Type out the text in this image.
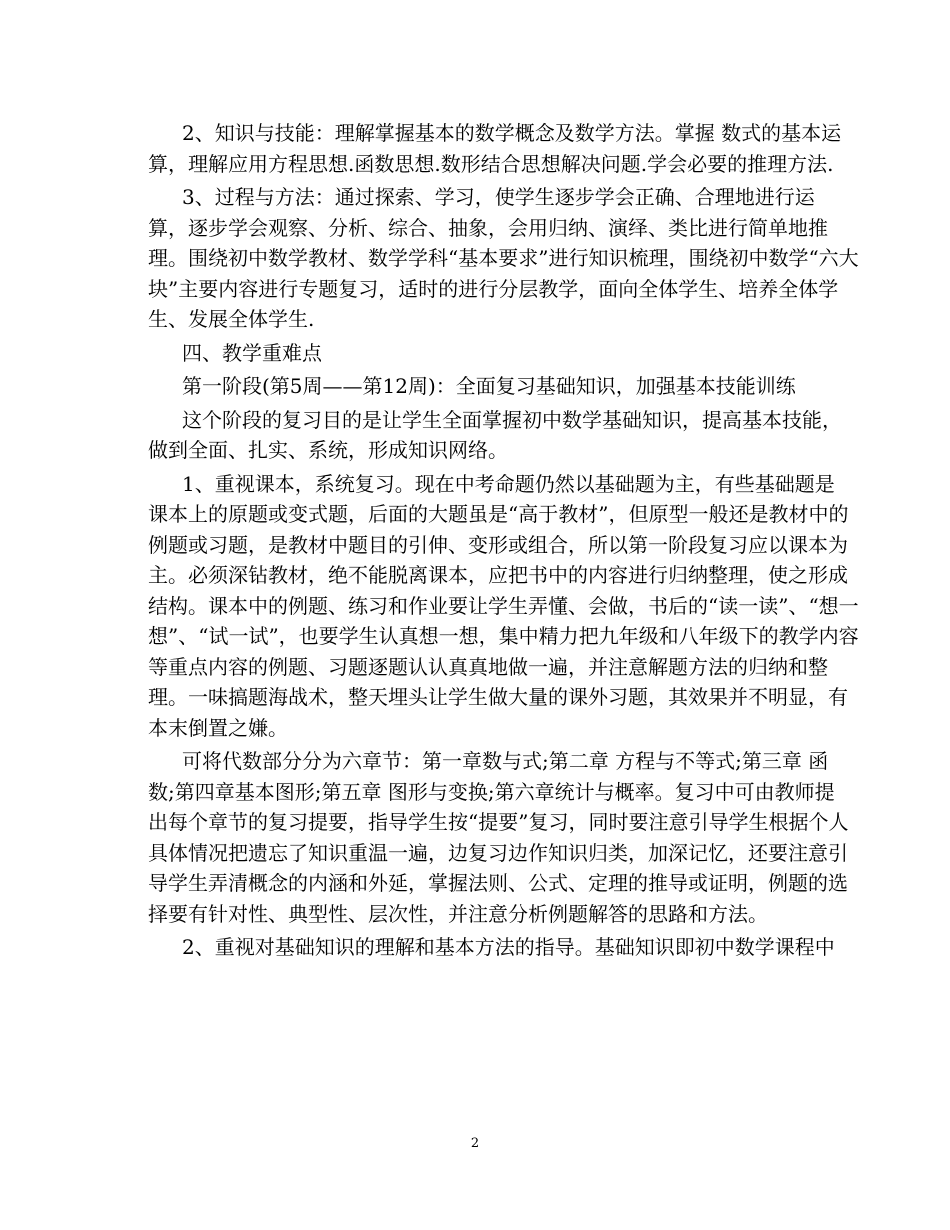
2、知识与技能：理解掌握基本的数学概念及数学方法。掌握 数式的基本运
算，理解应用方程思想.函数思想.数形结合思想解决问题.学会必要的推理方法.
3、过程与方法：通过探索、学习，使学生逐步学会正确、合理地进行运
算，逐步学会观察、分析、综合、抽象，会用归纳、演绎、类比进行简单地推
理。围绕初中数学教材、数学学科“基本要求”进行知识梳理，围绕初中数学“六大
块”主要内容进行专题复习，适时的进行分层教学，面向全体学生、培养全体学
生、发展全体学生.
四、教学重难点
第一阶段(第5周——第12周)：全面复习基础知识，加强基本技能训练
这个阶段的复习目的是让学生全面掌握初中数学基础知识，提高基本技能，
做到全面、扎实、系统，形成知识网络。
1、重视课本，系统复习。现在中考命题仍然以基础题为主，有些基础题是
课本上的原题或变式题，后面的大题虽是“高于教材”，但原型一般还是教材中的
例题或习题，是教材中题目的引伸、变形或组合，所以第一阶段复习应以课本为
主。必须深钻教材，绝不能脱离课本，应把书中的内容进行归纳整理，使之形成
结构。课本中的例题、练习和作业要让学生弄懂、会做，书后的“读一读”、“想一
想”、“试一试”，也要学生认真想一想，集中精力把九年级和八年级下的教学内容
等重点内容的例题、习题逐题认认真真地做一遍，并注意解题方法的归纳和整
理。一味搞题海战术，整天埋头让学生做大量的课外习题，其效果并不明显，有
本末倒置之嫌。
可将代数部分分为六章节：第一章数与式;第二章 方程与不等式;第三章 函
数;第四章基本图形;第五章 图形与变换;第六章统计与概率。复习中可由教师提
出每个章节的复习提要，指导学生按“提要”复习，同时要注意引导学生根据个人
具体情况把遗忘了知识重温一遍，边复习边作知识归类，加深记忆，还要注意引
导学生弄清概念的内涵和外延，掌握法则、公式、定理的推导或证明，例题的选
择要有针对性、典型性、层次性，并注意分析例题解答的思路和方法。
2、重视对基础知识的理解和基本方法的指导。基础知识即初中数学课程中
2
